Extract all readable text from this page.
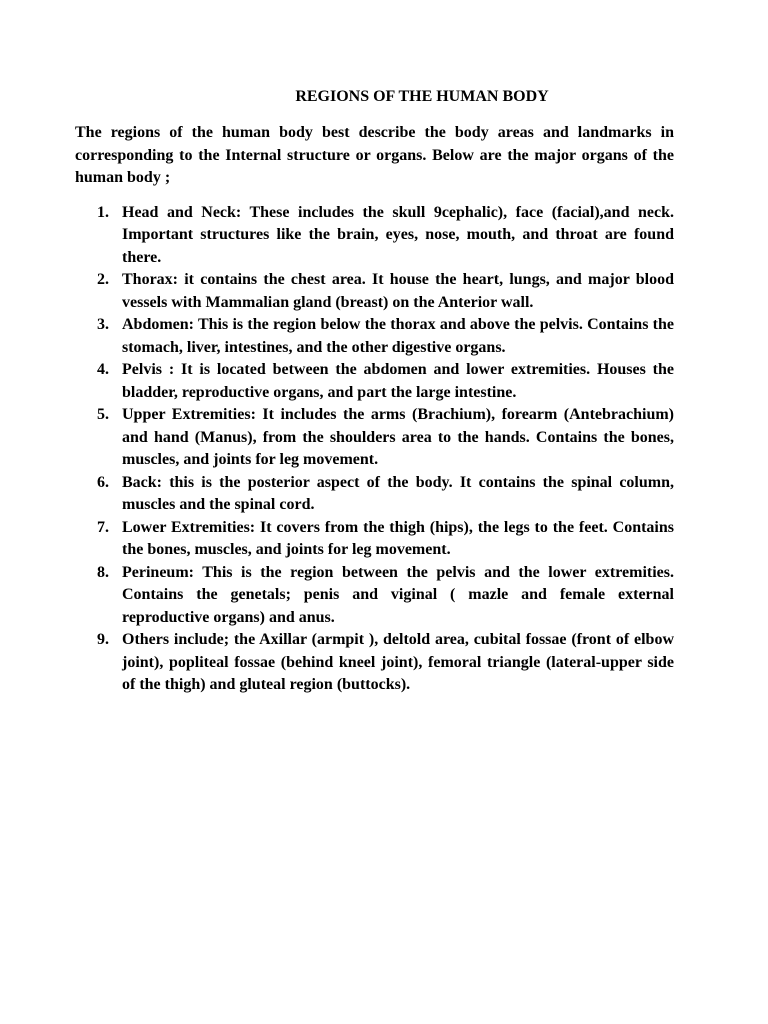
REGIONS OF THE HUMAN BODY

The regions of the human body best describe the body areas and landmarks in corresponding to the Internal structure or organs. Below are the major organs of the human body ;

1. Head and Neck: These includes the skull 9cephalic), face (facial),and neck. Important structures like the brain, eyes, nose, mouth, and throat are found there.
2. Thorax: it contains the chest area. It house the heart, lungs, and major blood vessels with Mammalian gland (breast) on the Anterior wall.
3. Abdomen: This is the region below the thorax and above the pelvis. Contains the stomach, liver, intestines, and the other digestive organs.
4. Pelvis : It is located between the abdomen and lower extremities. Houses the bladder, reproductive organs, and part the large intestine.
5. Upper Extremities: It includes the arms (Brachium), forearm (Antebrachium) and hand (Manus), from the shoulders area to the hands. Contains the bones, muscles, and joints for leg movement.
6. Back: this is the posterior aspect of the body. It contains the spinal column, muscles and the spinal cord.
7. Lower Extremities: It covers from the thigh (hips), the legs to the feet. Contains the bones, muscles, and joints for leg movement.
8. Perineum: This is the region between the pelvis and the lower extremities. Contains the genetals; penis and viginal ( mazle and female external reproductive organs) and anus.
9. Others include; the Axillar (armpit ), deltold area, cubital fossae (front of elbow joint), popliteal fossae (behind kneel joint), femoral triangle (lateral-upper side of the thigh) and gluteal region (buttocks).
